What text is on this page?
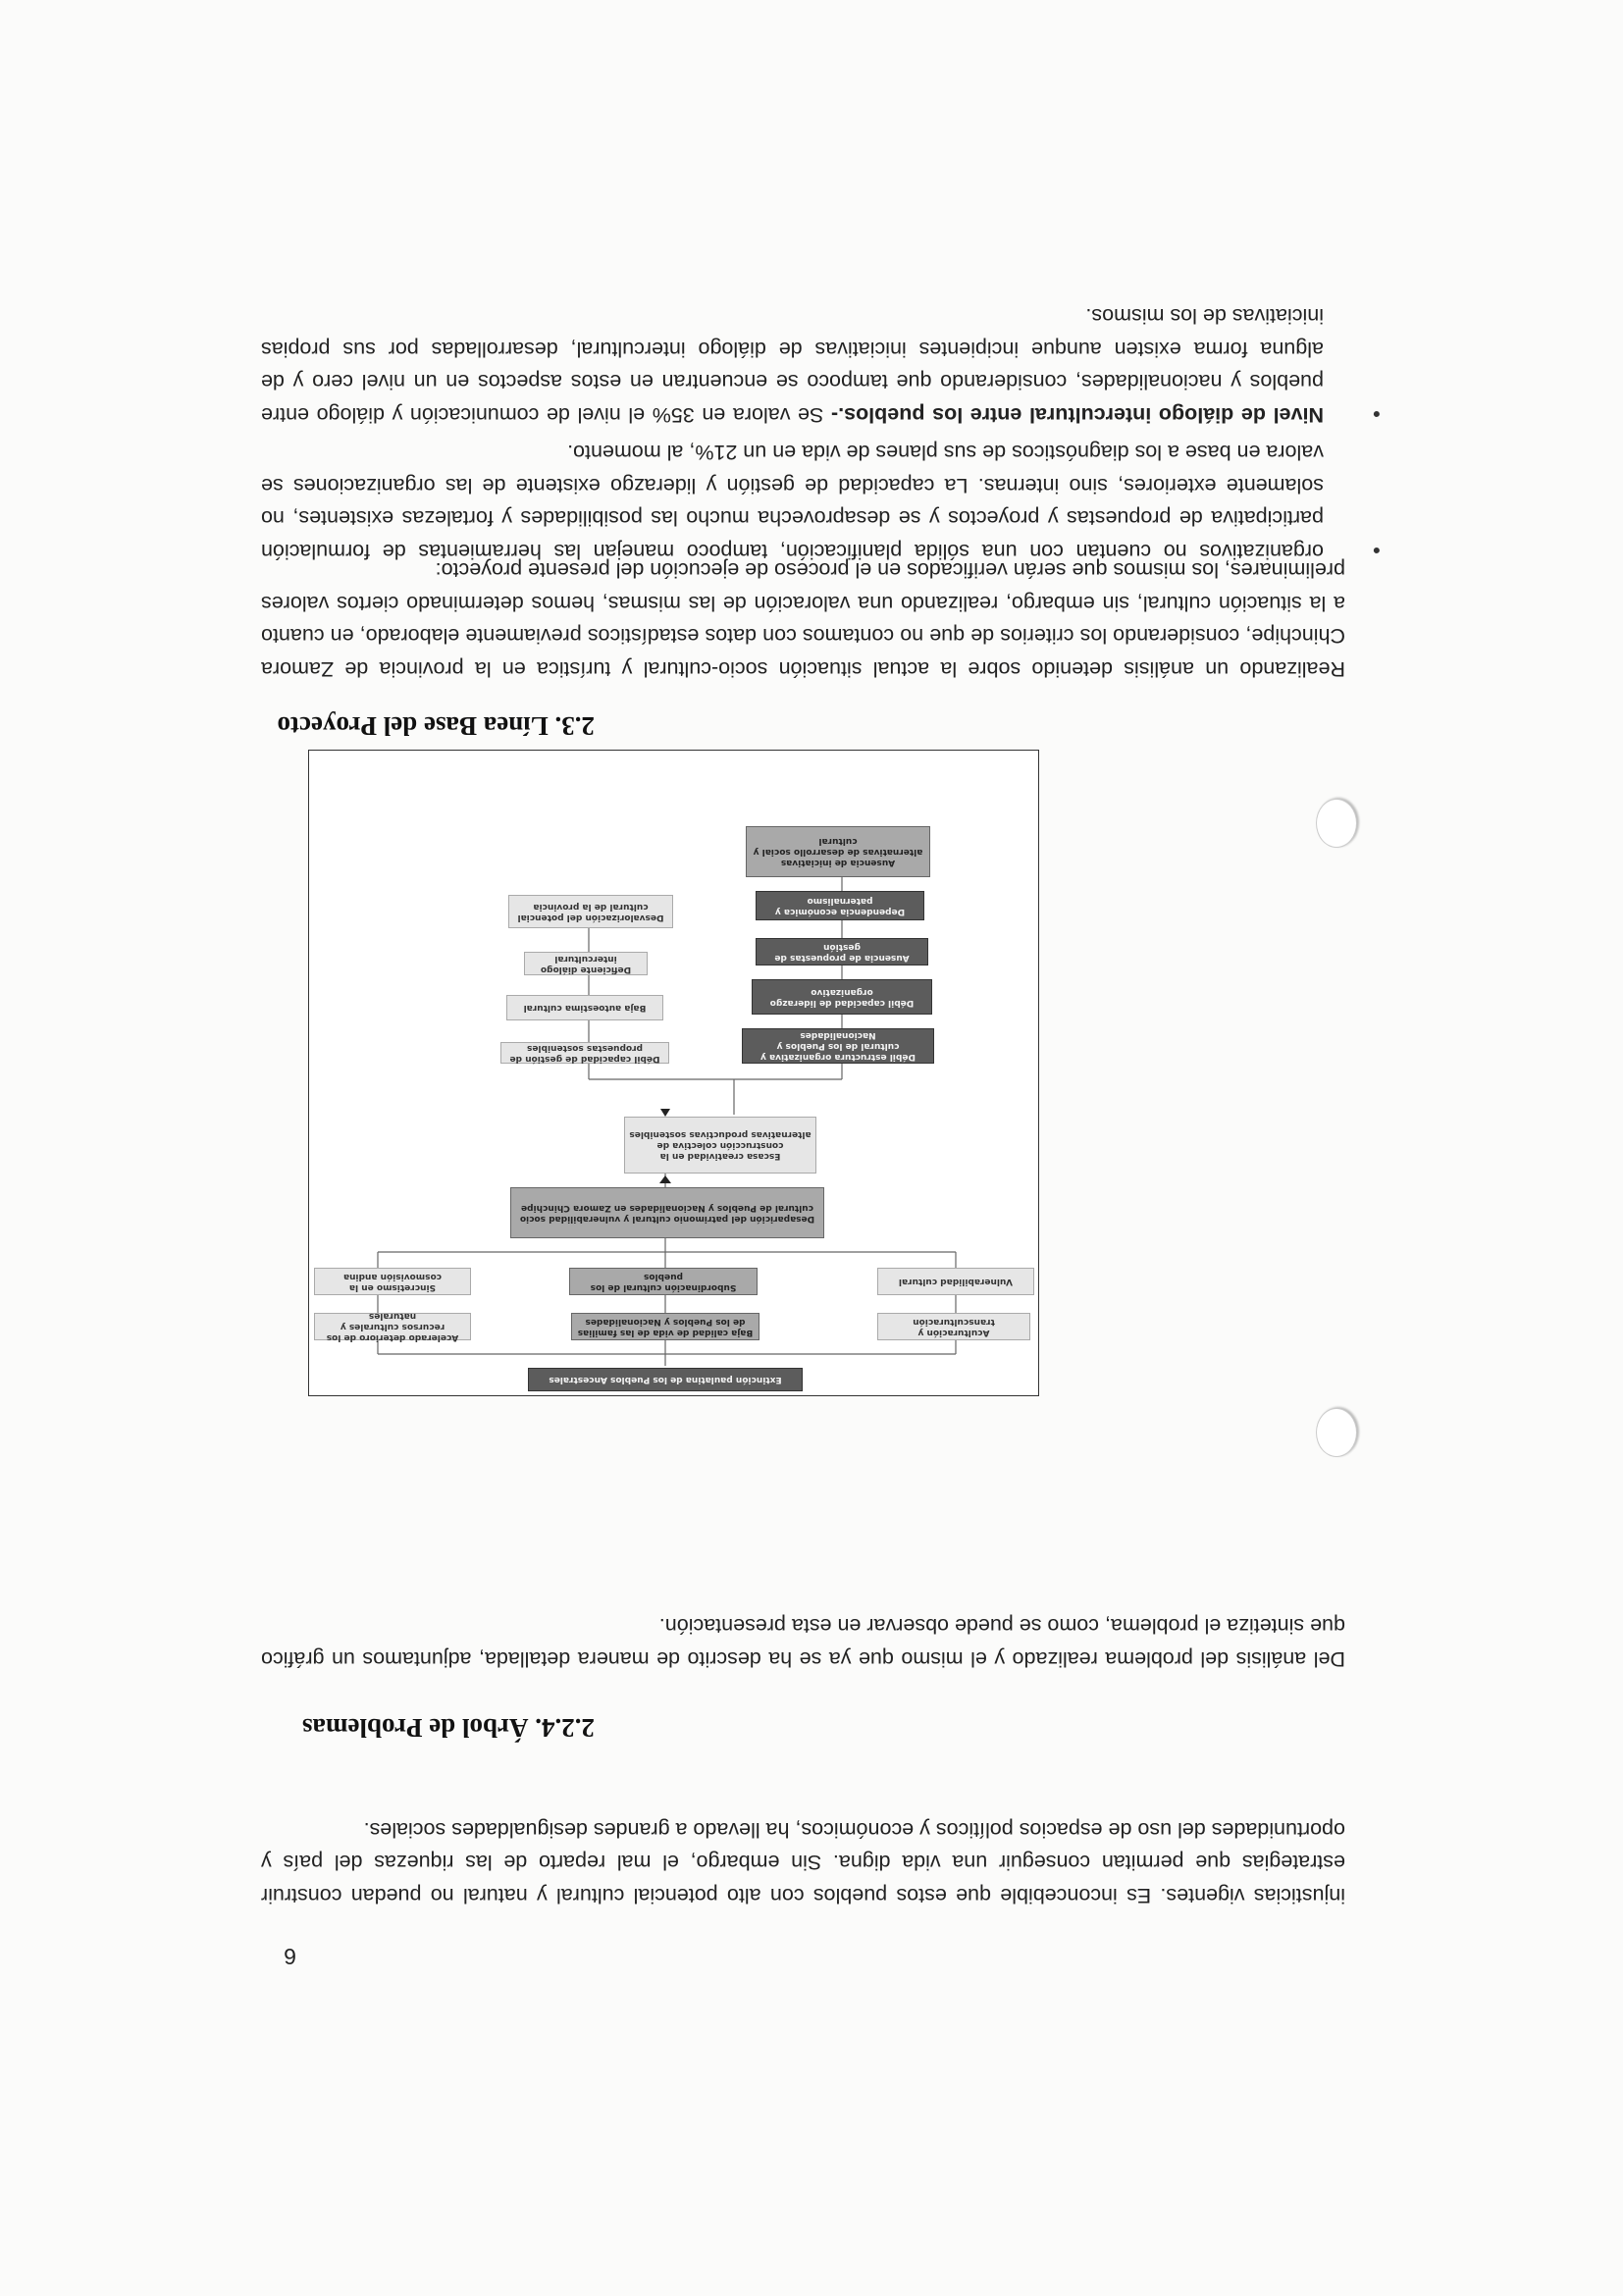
6
injusticias vigentes. Es inconcebible que estos pueblos con alto potencial cultural y natural no puedan construir estrategias que permitan conseguir una vida digna. Sin embargo, el mal reparto de las riquezas del país y oportunidades del uso de espacios políticos y económicos, ha llevado a grandes desigualdades sociales.
2.2.4. Árbol de Problemas
Del análisis del problema realizado y el mismo que ya se ha descrito de manera detallada, adjuntamos un gráfico que sintetiza el problema, como se puede observar en esta presentación.
Extinción paulatina de los Pueblos Ancestrales
Aculturación y transculturación
Baja calidad de vida de las familias de los Pueblos y Nacionalidades
Acelerado deterioro de los recursos culturales y naturales
Vulnerabilidad cultural
Subordinación cultural de los pueblos
Sincretismo en la cosmovisión andina
Desaparición del patrimonio cultural y vulnerabilidad socio cultural de Pueblos y Nacionalidades en Zamora Chinchipe
Escasa creatividad en la construcción colectiva de alternativas productivas sostenibles
Débil estructura organizativa y cultural de los Pueblos y Nacionalidades
Débil capacidad de liderazgo organizativo
Ausencia de propuestas de gestión
Dependencia económica y paternalismo
Ausencia de iniciativas alternativas de desarrollo social y cultural
Débil capacidad de gestión de propuestas sostenibles
Baja autoestima cultural
Deficiente diálogo intercultural
Desvalorización del potencial cultural de la provincia
2.3. Línea Base del Proyecto
Realizando un análisis detenido sobre la actual situación socio-cultural y turística en la provincia de Zamora Chinchipe, considerando los criterios de que no contamos con datos estadísticos previamente elaborado, en cuanto a la situación cultural, sin embargo, realizando una valoración de las mismas, hemos determinado ciertos valores preliminares, los mismos que serán verificados en el proceso de ejecución del presente proyecto:
● organizativos no cuentan con una sólida planificación, tampoco manejan las herramientas de formulación participativa de propuestas y proyectos y se desaprovecha mucho las posibilidades y fortalezas existentes, no solamente exteriores, sino internas. La capacidad de gestión y liderazgo existente de las organizaciones se valora en base a los diagnósticos de sus planes de vida en un 21%, al momento.
● Nivel de diálogo intercultural entre los pueblos.- Se valora en 35% el nivel de comunicación y diálogo entre pueblos y nacionalidades, considerando que tampoco se encuentran en estos aspectos en un nivel cero y de alguna forma existen aunque incipientes iniciativas de diálogo intercultural, desarrolladas por sus propias iniciativas de los mismos.
